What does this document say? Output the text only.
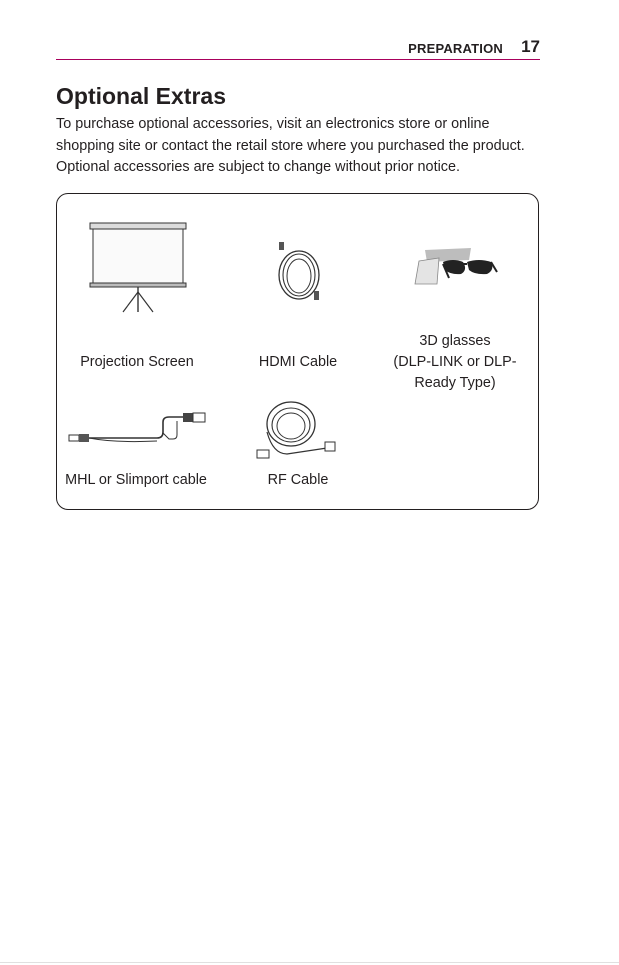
PREPARATION 17
Optional Extras

To purchase optional accessories, visit an electronics store or online shopping site or contact the retail store where you purchased the product. Optional accessories are subject to change without prior notice.

Projection Screen	HDMI Cable
3D glasses
(DLP-LINK or DLP-
Ready Type)
MHL or Slimport cable	RF Cable
